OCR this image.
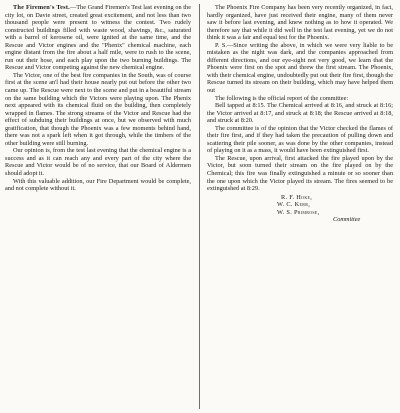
The Firemen's Test.—The Grand Firemen's Test last evening on the city lot, on Davie street, created great excitement, and not less than two thousand people were present to witness the contest. Two rudely constructed buildings filled with waste wood, shavings, &c., saturated with a barrel of kerosene oil, were ignited at the same time, and the Rescue and Victor engines and the "Phenix" chemical machine, each engine distant from the fire about a half mile, were to rush to the scene, run out their hose, and each play upon the two burning buildings. The Rescue and Victor competing against the new chemical engine.

The Victor, one of the best fire companies in the South, was of course first at the scene an'l had their house nearly put out before the other two came up. The Rescue were next to the scene and put in a beautiful stream on the same building which the Victors were playing upon. The Phenix next appeared with its chemical fluid on the building, then completely wrapped in flames. The strong streams of the Victor and Rescue had the effect of subduing their buildings at once, but we observed with much gratification, that though the Phoenix was a few moments behind hand, there was not a spark left when it got through, while the timbers of the other building were still burning.

Our opinion is, from the test last evening that the chemical engine is a success and as it can reach any and every part of the city where the Rescue and Victor would be of no service, that our Board of Aldermen should adopt it.

With this valuable addition, our Fire Department would be complete, and not complete without it.

The Phoenix Fire Company has been very recently organized, in fact, hardly organized, have just received their engine, many of them never saw it before last evening, and knew nothing as to how it operated. We therefore say that while it did well in the test last evening, yet we do not think it was a fair and equal test for the Phoenix.

P. S.—Since writing the above, in which we were very liable to be mistaken as the night was dark, and the companies approached from different directions, and our eye-sight not very good, we learn that the Phoenix were first on the spot and threw the first stream. The Phoenix, with their chemical engine, undoubtedly put out their fire first, though the Rescue turned its stream on their building, which may have helped them out

The following is the official report of the committee:

Bell tapped at 8:15. The Chemical arrived at 8:16, and struck at 8:16; the Victor arrived at 8:17, and struck at 8:18; the Rescue arrived at 8:18, and struck at 8:20.

The committee is of the opinion that the Victor checked the flames of their fire first, and if they had taken the precaution of pulling down and scattering their pile sooner, as was done by the other companies, instead of playing on it as a mass, it would have been extinguished first.

The Rescue, upon arrival, first attacked the fire played upon by the Victor, but soon turned their stream on the fire played on by the Chemical; this fire was finally extinguished a minute or so sooner than the one upon which the Victor played its stream. The fires seemed to be extinguished at 8:29.

R. F. Hoke,

W. C. Kerr,

W. S. Primrose,

Committee
